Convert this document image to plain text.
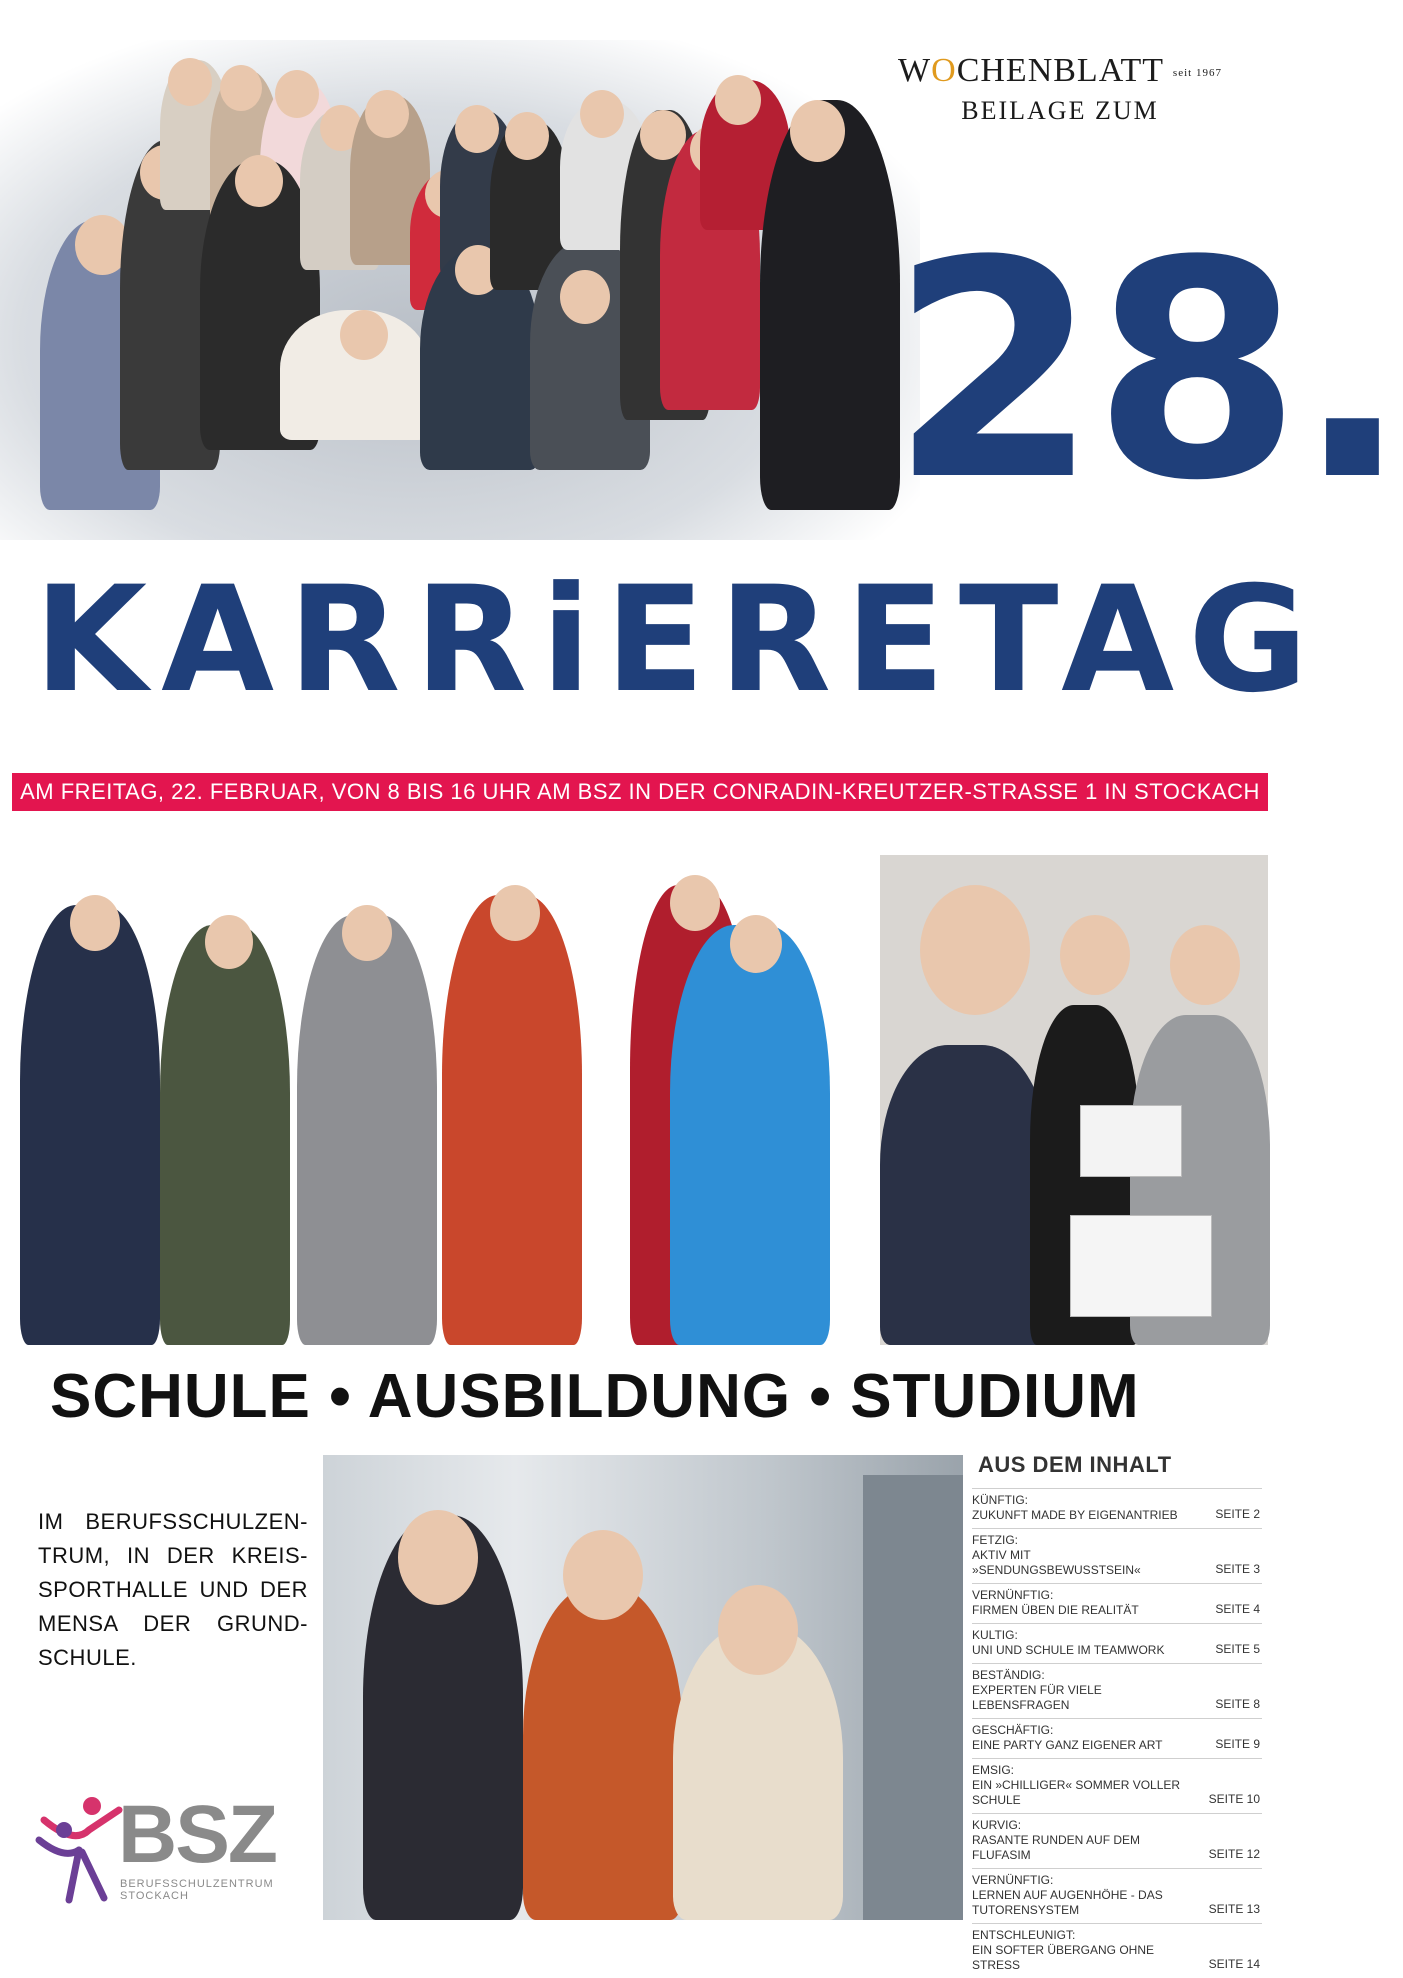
WOCHENBLATT seit 1967
BEILAGE ZUM
28.
KARRiERETAG
AM FREITAG, 22. FEBRUAR, VON 8 BIS 16 UHR AM BSZ IN DER CONRADIN-KREUTZER-STRASSE 1 IN STOCKACH
SCHULE • AUSBILDUNG • STUDIUM
IM BERUFSSCHULZEN-TRUM, IN DER KREIS-SPORTHALLE UND DER MENSA DER GRUND-SCHULE.
AUS DEM INHALT
KÜNFTIG:
ZUKUNFT MADE BY EIGENANTRIEB	SEITE 2
FETZIG:
AKTIV MIT »SENDUNGSBEWUSSTSEIN«	SEITE 3
VERNÜNFTIG:
FIRMEN ÜBEN DIE REALITÄT	SEITE 4
KULTIG:
UNI UND SCHULE IM TEAMWORK	SEITE 5
BESTÄNDIG:
EXPERTEN FÜR VIELE LEBENSFRAGEN	SEITE 8
GESCHÄFTIG:
EINE PARTY GANZ EIGENER ART	SEITE 9
EMSIG:
EIN »CHILLIGER« SOMMER VOLLER SCHULE	SEITE 10
KURVIG:
RASANTE RUNDEN AUF DEM FLUFASIM	SEITE 12
VERNÜNFTIG:
LERNEN AUF AUGENHÖHE - DAS TUTORENSYSTEM	SEITE 13
ENTSCHLEUNIGT:
EIN SOFTER ÜBERGANG OHNE STRESS	SEITE 14
BSZ
BERUFSSCHULZENTRUM
STOCKACH
